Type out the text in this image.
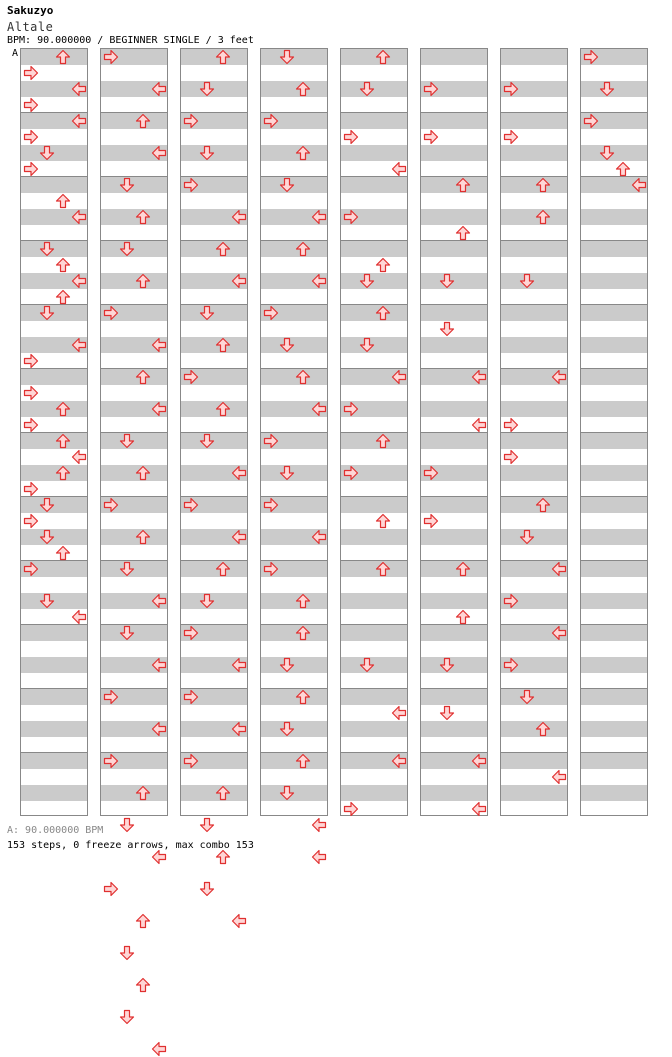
Sakuzyo
Altale
BPM: 90.000000 / BEGINNER SINGLE / 3 feet
A
A: 90.000000 BPM
153 steps, 0 freeze arrows, max combo 153
